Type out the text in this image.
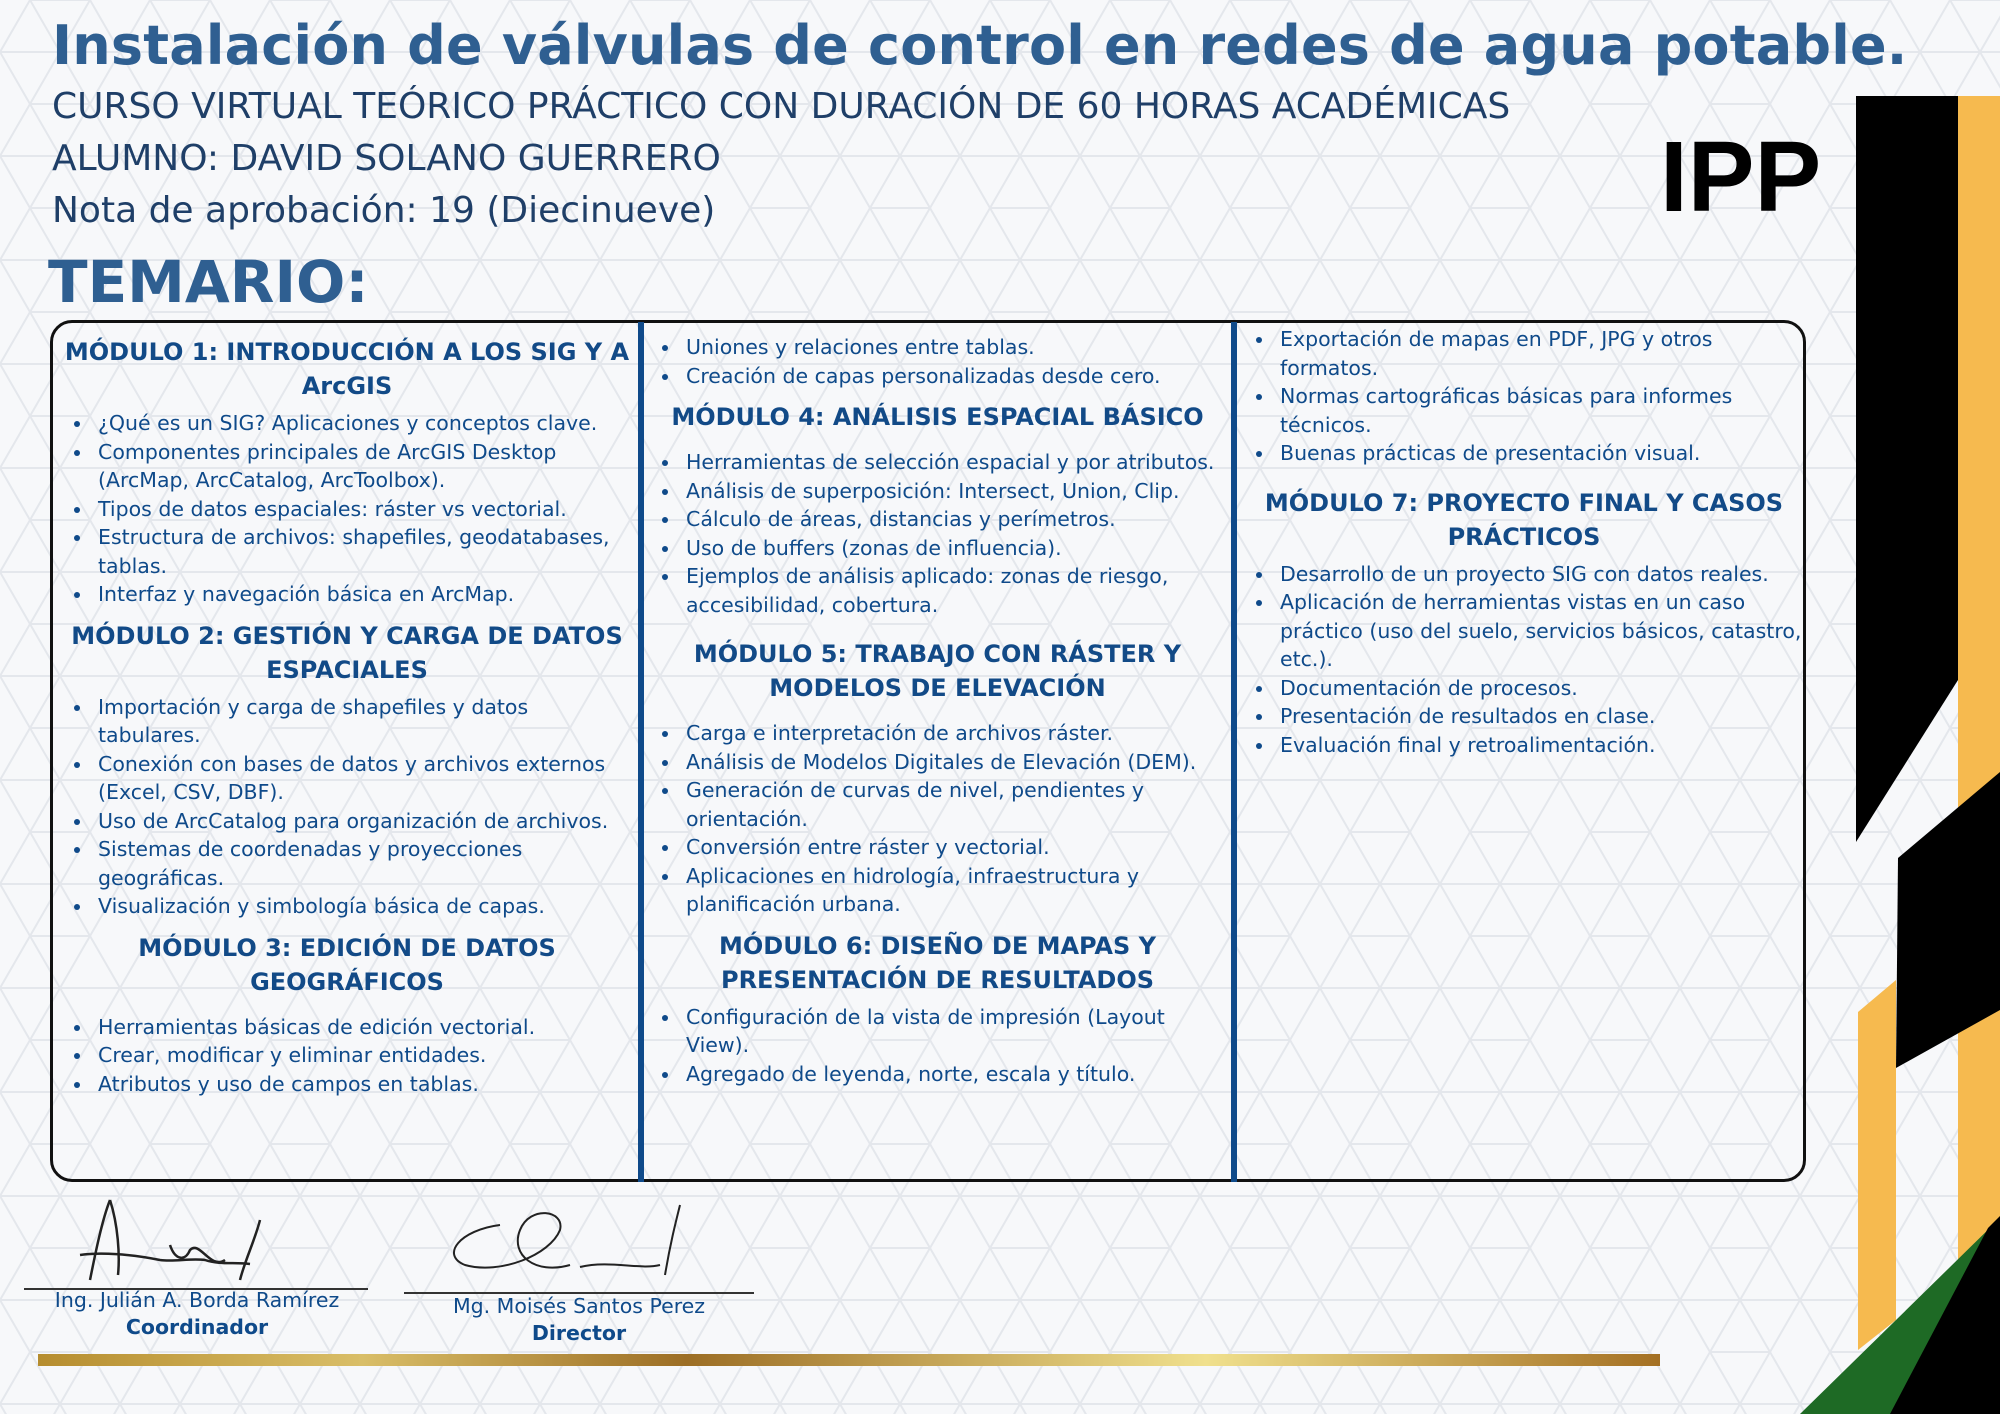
Instalación de válvulas de control en redes de agua potable.
CURSO VIRTUAL TEÓRICO PRÁCTICO CON DURACIÓN DE 60 HORAS ACADÉMICAS
ALUMNO: DAVID SOLANO GUERRERO
Nota de aprobación: 19 (Diecinueve)	IPP
TEMARIO:
MÓDULO 1: INTRODUCCIÓN A LOS SIG Y A ArcGIS
¿Qué es un SIG? Aplicaciones y conceptos clave.
Componentes principales de ArcGIS Desktop (ArcMap, ArcCatalog, ArcToolbox).
Tipos de datos espaciales: ráster vs vectorial.
Estructura de archivos: shapefiles, geodatabases, tablas.
Interfaz y navegación básica en ArcMap.
MÓDULO 2: GESTIÓN Y CARGA DE DATOS ESPACIALES
Importación y carga de shapefiles y datos tabulares.
Conexión con bases de datos y archivos externos (Excel, CSV, DBF).
Uso de ArcCatalog para organización de archivos.
Sistemas de coordenadas y proyecciones geográficas.
Visualización y simbología básica de capas.
MÓDULO 3: EDICIÓN DE DATOS GEOGRÁFICOS
Herramientas básicas de edición vectorial.
Crear, modificar y eliminar entidades.
Atributos y uso de campos en tablas.
Uniones y relaciones entre tablas.
Creación de capas personalizadas desde cero.
MÓDULO 4: ANÁLISIS ESPACIAL BÁSICO
Herramientas de selección espacial y por atributos.
Análisis de superposición: Intersect, Union, Clip.
Cálculo de áreas, distancias y perímetros.
Uso de buffers (zonas de influencia).
Ejemplos de análisis aplicado: zonas de riesgo, accesibilidad, cobertura.
MÓDULO 5: TRABAJO CON RÁSTER Y MODELOS DE ELEVACIÓN
Carga e interpretación de archivos ráster.
Análisis de Modelos Digitales de Elevación (DEM).
Generación de curvas de nivel, pendientes y orientación.
Conversión entre ráster y vectorial.
Aplicaciones en hidrología, infraestructura y planificación urbana.
MÓDULO 6: DISEÑO DE MAPAS Y PRESENTACIÓN DE RESULTADOS
Configuración de la vista de impresión (Layout View).
Agregado de leyenda, norte, escala y título.
Exportación de mapas en PDF, JPG y otros formatos.
Normas cartográficas básicas para informes técnicos.
Buenas prácticas de presentación visual.
MÓDULO 7: PROYECTO FINAL Y CASOS PRÁCTICOS
Desarrollo de un proyecto SIG con datos reales.
Aplicación de herramientas vistas en un caso práctico (uso del suelo, servicios básicos, catastro, etc.).
Documentación de procesos.
Presentación de resultados en clase.
Evaluación final y retroalimentación.
Ing. Julián A. Borda Ramírez
Coordinador
Mg. Moisés Santos Perez
Director
